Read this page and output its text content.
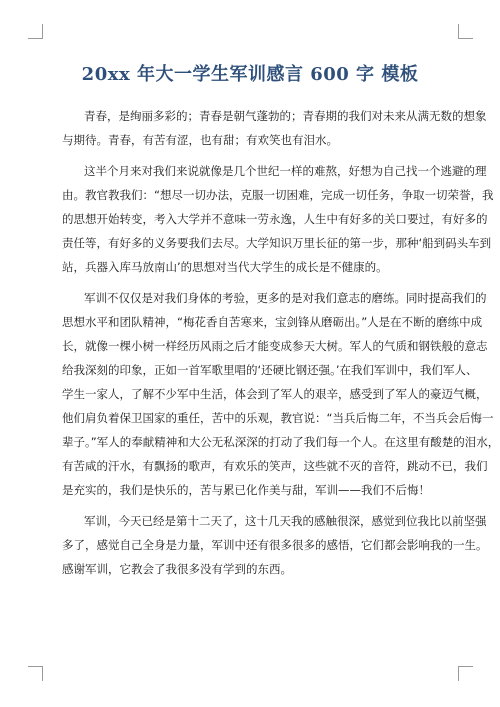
20xx 年大一学生军训感言 600 字 模板
青春，是绚丽多彩的；青春是朝气蓬勃的；青春期的我们对未来从满无数的想象
与期待。青春，有苦有涩，也有甜；有欢笑也有泪水。
这半个月来对我们来说就像是几个世纪一样的难熬，好想为自己找一个逃避的理
由。教官教我们：“想尽一切办法，克服一切困难，完成一切任务，争取一切荣誉，我
的思想开始转变，考入大学并不意味一劳永逸，人生中有好多的关口要过，有好多的
责任等，有好多的义务要我们去尽。大学知识万里长征的第一步，那种‘船到码头车到
站，兵器入库马放南山’的思想对当代大学生的成长是不健康的。
军训不仅仅是对我们身体的考验，更多的是对我们意志的磨练。同时提高我们的
思想水平和团队精神，“梅花香自苦寒来，宝剑锋从磨砺出。”人是在不断的磨练中成
长，就像一棵小树一样经历风雨之后才能变成参天大树。军人的气质和钢铁般的意志
给我深刻的印象，正如一首军歌里唱的‘还硬比钢还强。’在我们军训中，我们军人、
学生一家人，了解不少军中生活，体会到了军人的艰辛，感受到了军人的豪迈气概，
他们肩负着保卫国家的重任，苦中的乐观，教官说：“当兵后悔二年，不当兵会后悔一
辈子。”军人的奉献精神和大公无私深深的打动了我们每一个人。在这里有酸楚的泪水，
有苦咸的汗水，有飘扬的歌声，有欢乐的笑声，这些就不灭的音符，跳动不已，我们
是充实的，我们是快乐的，苦与累已化作美与甜，军训——我们不后悔！
军训，今天已经是第十二天了，这十几天我的感触很深，感觉到位我比以前坚强
多了，感觉自己全身是力量，军训中还有很多很多的感悟，它们都会影响我的一生。
感谢军训，它教会了我很多没有学到的东西。
